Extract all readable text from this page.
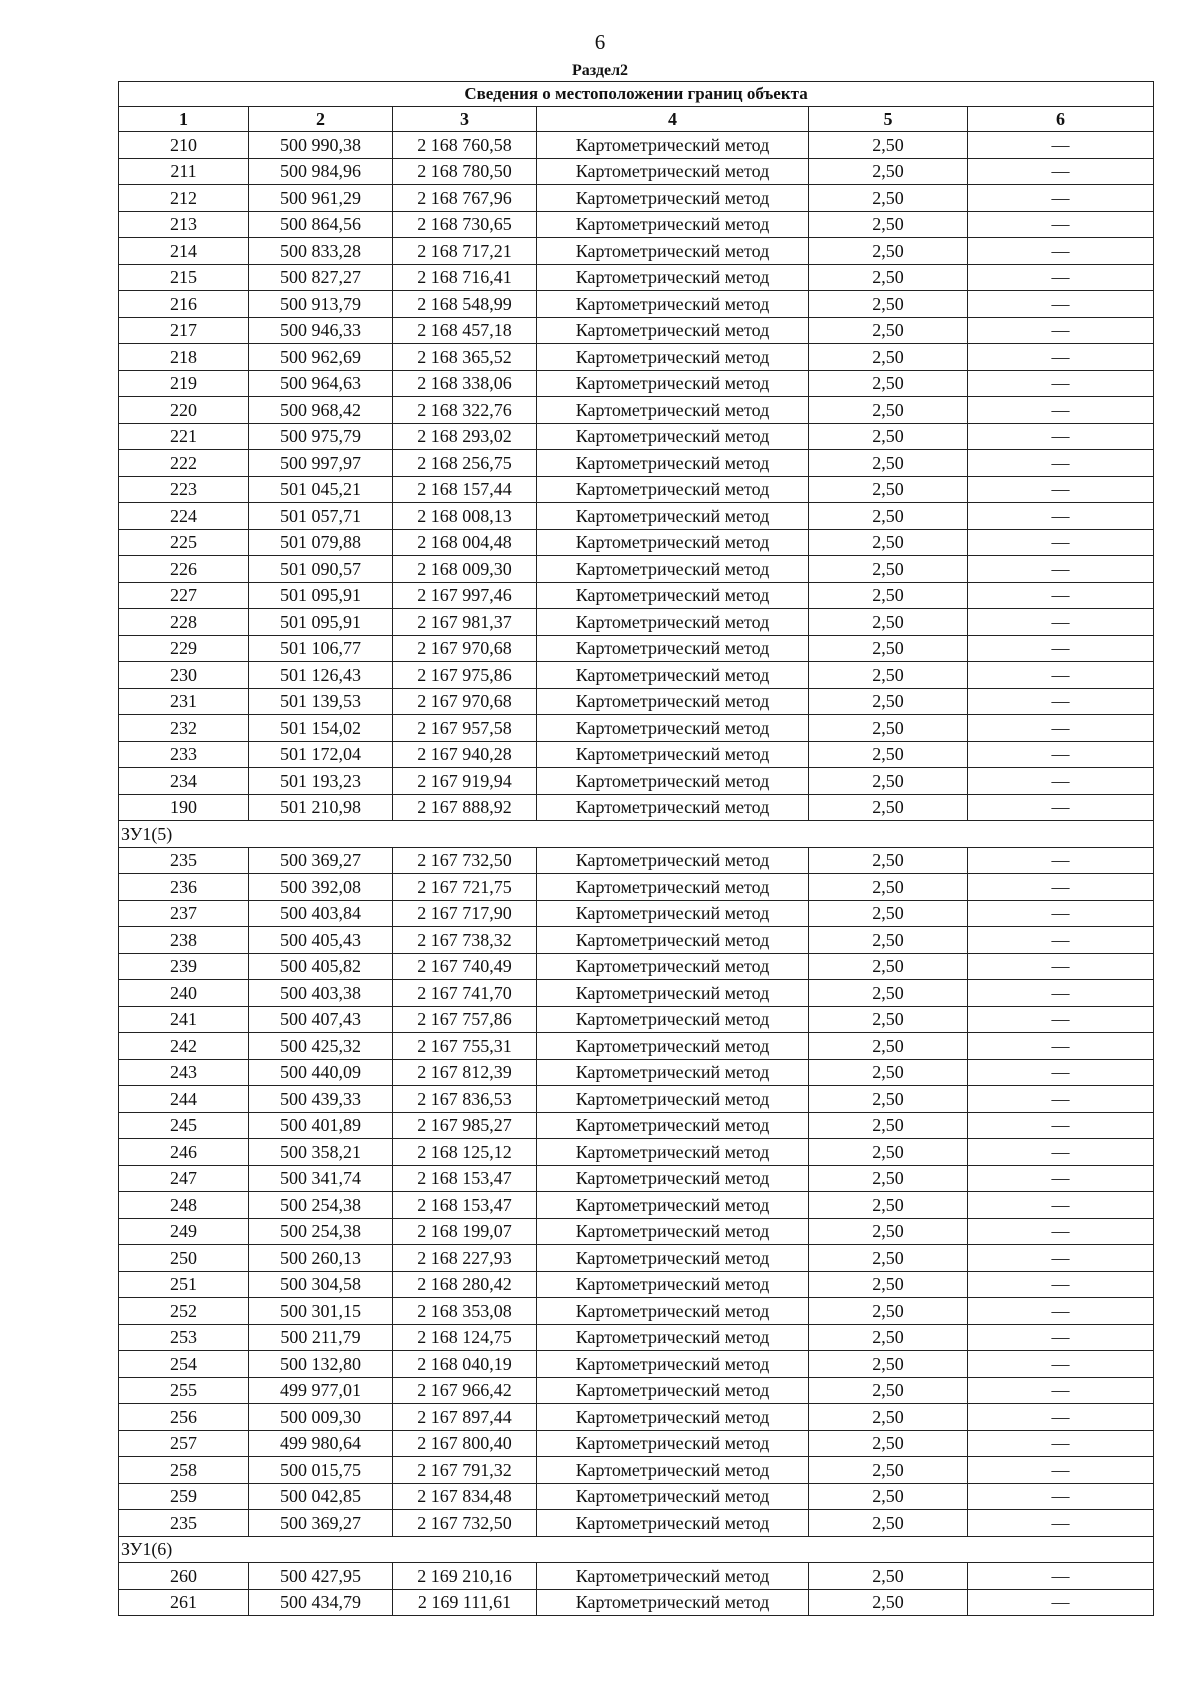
6
Раздел2
Сведения о местоположении границ объекта					
1	2	3	4	5	6
210	500 990,38	2 168 760,58	Картометрический метод	2,50	—
211	500 984,96	2 168 780,50	Картометрический метод	2,50	—
212	500 961,29	2 168 767,96	Картометрический метод	2,50	—
213	500 864,56	2 168 730,65	Картометрический метод	2,50	—
214	500 833,28	2 168 717,21	Картометрический метод	2,50	—
215	500 827,27	2 168 716,41	Картометрический метод	2,50	—
216	500 913,79	2 168 548,99	Картометрический метод	2,50	—
217	500 946,33	2 168 457,18	Картометрический метод	2,50	—
218	500 962,69	2 168 365,52	Картометрический метод	2,50	—
219	500 964,63	2 168 338,06	Картометрический метод	2,50	—
220	500 968,42	2 168 322,76	Картометрический метод	2,50	—
221	500 975,79	2 168 293,02	Картометрический метод	2,50	—
222	500 997,97	2 168 256,75	Картометрический метод	2,50	—
223	501 045,21	2 168 157,44	Картометрический метод	2,50	—
224	501 057,71	2 168 008,13	Картометрический метод	2,50	—
225	501 079,88	2 168 004,48	Картометрический метод	2,50	—
226	501 090,57	2 168 009,30	Картометрический метод	2,50	—
227	501 095,91	2 167 997,46	Картометрический метод	2,50	—
228	501 095,91	2 167 981,37	Картометрический метод	2,50	—
229	501 106,77	2 167 970,68	Картометрический метод	2,50	—
230	501 126,43	2 167 975,86	Картометрический метод	2,50	—
231	501 139,53	2 167 970,68	Картометрический метод	2,50	—
232	501 154,02	2 167 957,58	Картометрический метод	2,50	—
233	501 172,04	2 167 940,28	Картометрический метод	2,50	—
234	501 193,23	2 167 919,94	Картометрический метод	2,50	—
190	501 210,98	2 167 888,92	Картометрический метод	2,50	—
ЗУ1(5)					
235	500 369,27	2 167 732,50	Картометрический метод	2,50	—
236	500 392,08	2 167 721,75	Картометрический метод	2,50	—
237	500 403,84	2 167 717,90	Картометрический метод	2,50	—
238	500 405,43	2 167 738,32	Картометрический метод	2,50	—
239	500 405,82	2 167 740,49	Картометрический метод	2,50	—
240	500 403,38	2 167 741,70	Картометрический метод	2,50	—
241	500 407,43	2 167 757,86	Картометрический метод	2,50	—
242	500 425,32	2 167 755,31	Картометрический метод	2,50	—
243	500 440,09	2 167 812,39	Картометрический метод	2,50	—
244	500 439,33	2 167 836,53	Картометрический метод	2,50	—
245	500 401,89	2 167 985,27	Картометрический метод	2,50	—
246	500 358,21	2 168 125,12	Картометрический метод	2,50	—
247	500 341,74	2 168 153,47	Картометрический метод	2,50	—
248	500 254,38	2 168 153,47	Картометрический метод	2,50	—
249	500 254,38	2 168 199,07	Картометрический метод	2,50	—
250	500 260,13	2 168 227,93	Картометрический метод	2,50	—
251	500 304,58	2 168 280,42	Картометрический метод	2,50	—
252	500 301,15	2 168 353,08	Картометрический метод	2,50	—
253	500 211,79	2 168 124,75	Картометрический метод	2,50	—
254	500 132,80	2 168 040,19	Картометрический метод	2,50	—
255	499 977,01	2 167 966,42	Картометрический метод	2,50	—
256	500 009,30	2 167 897,44	Картометрический метод	2,50	—
257	499 980,64	2 167 800,40	Картометрический метод	2,50	—
258	500 015,75	2 167 791,32	Картометрический метод	2,50	—
259	500 042,85	2 167 834,48	Картометрический метод	2,50	—
235	500 369,27	2 167 732,50	Картометрический метод	2,50	—
ЗУ1(6)					
260	500 427,95	2 169 210,16	Картометрический метод	2,50	—
261	500 434,79	2 169 111,61	Картометрический метод	2,50	—
